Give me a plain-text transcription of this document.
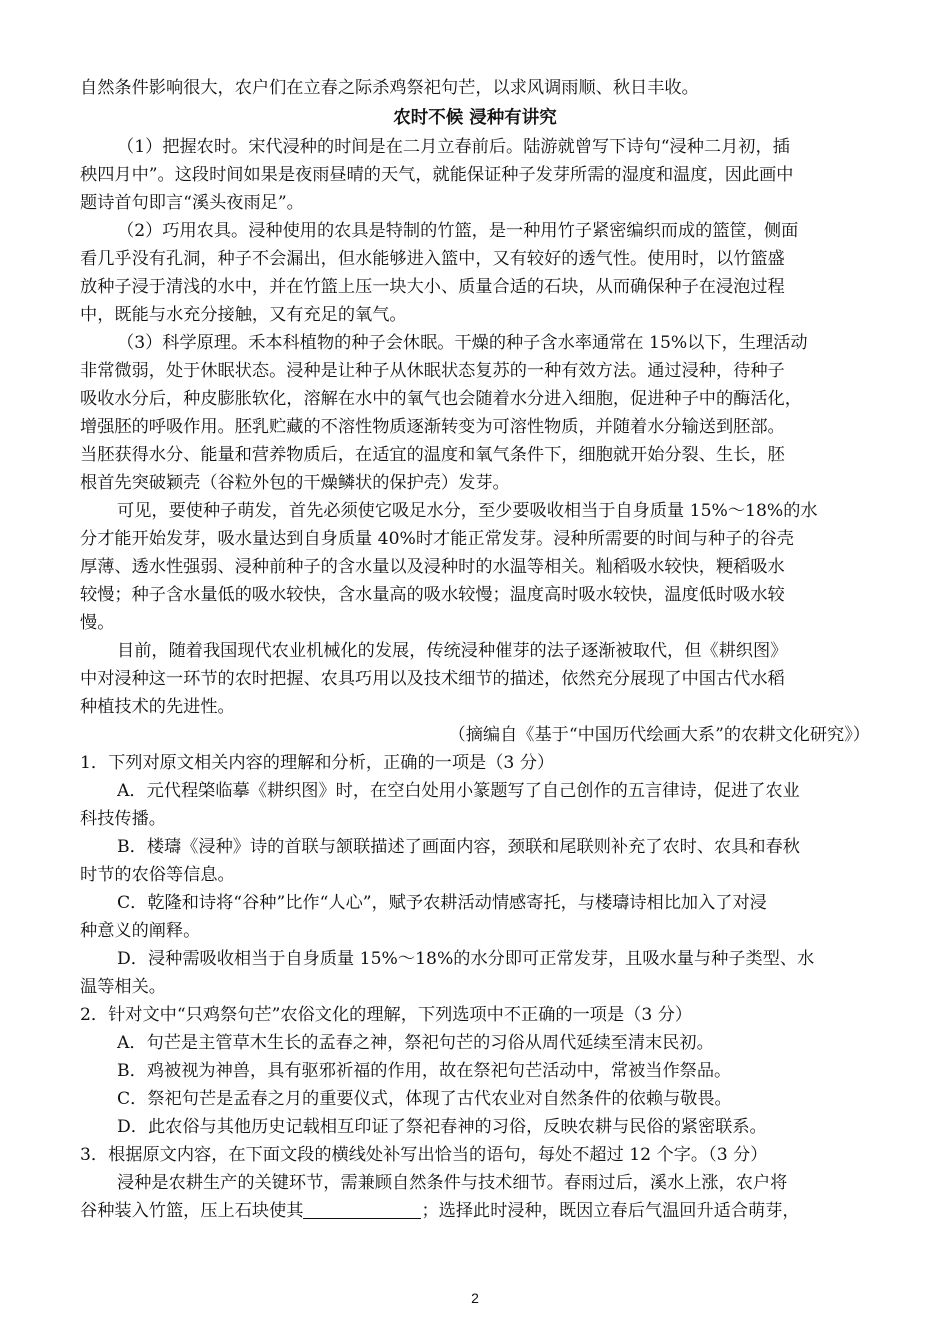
自然条件影响很大，农户们在立春之际杀鸡祭祀句芒，以求风调雨顺、秋日丰收。
农时不候 浸种有讲究
（1）把握农时。宋代浸种的时间是在二月立春前后。陆游就曾写下诗句“浸种二月初，插
秧四月中”。这段时间如果是夜雨昼晴的天气，就能保证种子发芽所需的湿度和温度，因此画中
题诗首句即言“溪头夜雨足”。
（2）巧用农具。浸种使用的农具是特制的竹篮，是一种用竹子紧密编织而成的篮筐，侧面
看几乎没有孔洞，种子不会漏出，但水能够进入篮中，又有较好的透气性。使用时，以竹篮盛
放种子浸于清浅的水中，并在竹篮上压一块大小、质量合适的石块，从而确保种子在浸泡过程
中，既能与水充分接触，又有充足的氧气。
（3）科学原理。禾本科植物的种子会休眠。干燥的种子含水率通常在 15%以下，生理活动
非常微弱，处于休眠状态。浸种是让种子从休眠状态复苏的一种有效方法。通过浸种，待种子
吸收水分后，种皮膨胀软化，溶解在水中的氧气也会随着水分进入细胞，促进种子中的酶活化，
增强胚的呼吸作用。胚乳贮藏的不溶性物质逐渐转变为可溶性物质，并随着水分输送到胚部。
当胚获得水分、能量和营养物质后，在适宜的温度和氧气条件下，细胞就开始分裂、生长，胚
根首先突破颖壳（谷粒外包的干燥鳞状的保护壳）发芽。
可见，要使种子萌发，首先必须使它吸足水分，至少要吸收相当于自身质量 15%～18%的水
分才能开始发芽，吸水量达到自身质量 40%时才能正常发芽。浸种所需要的时间与种子的谷壳
厚薄、透水性强弱、浸种前种子的含水量以及浸种时的水温等相关。籼稻吸水较快，粳稻吸水
较慢；种子含水量低的吸水较快，含水量高的吸水较慢；温度高时吸水较快，温度低时吸水较
慢。
目前，随着我国现代农业机械化的发展，传统浸种催芽的法子逐渐被取代，但《耕织图》
中对浸种这一环节的农时把握、农具巧用以及技术细节的描述，依然充分展现了中国古代水稻
种植技术的先进性。
（摘编自《基于“中国历代绘画大系”的农耕文化研究》）
1．下列对原文相关内容的理解和分析，正确的一项是（3 分）
A．元代程棨临摹《耕织图》时，在空白处用小篆题写了自己创作的五言律诗，促进了农业
科技传播。
B．楼璹《浸种》诗的首联与颔联描述了画面内容，颈联和尾联则补充了农时、农具和春秋
时节的农俗等信息。
C．乾隆和诗将“谷种”比作“人心”，赋予农耕活动情感寄托，与楼璹诗相比加入了对浸
种意义的阐释。
D．浸种需吸收相当于自身质量 15%～18%的水分即可正常发芽，且吸水量与种子类型、水
温等相关。
2．针对文中“只鸡祭句芒”农俗文化的理解，下列选项中不正确的一项是（3 分）
A．句芒是主管草木生长的孟春之神，祭祀句芒的习俗从周代延续至清末民初。
B．鸡被视为神兽，具有驱邪祈福的作用，故在祭祀句芒活动中，常被当作祭品。
C．祭祀句芒是孟春之月的重要仪式，体现了古代农业对自然条件的依赖与敬畏。
D．此农俗与其他历史记载相互印证了祭祀春神的习俗，反映农耕与民俗的紧密联系。
3．根据原文内容，在下面文段的横线处补写出恰当的语句，每处不超过 12 个字。（3 分）
浸种是农耕生产的关键环节，需兼顾自然条件与技术细节。春雨过后，溪水上涨，农户将
谷种装入竹篮，压上石块使其	；选择此时浸种，既因立春后气温回升适合萌芽，
2
